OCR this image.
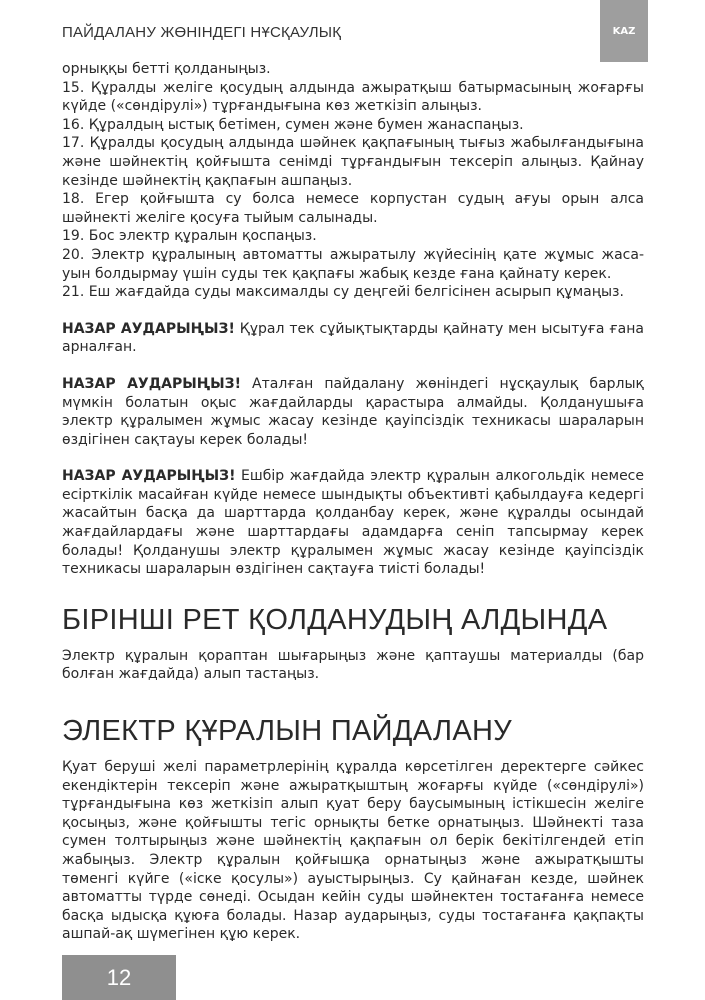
ПАЙДАЛАНУ ЖӨНІНДЕГІ НҰСҚАУЛЫҚ	KAZ

орныққы бетті қолданыңыз.

15. Құралды желіге қосудың алдында ажыратқыш батырмасының жоғарғы күйде («сөндірулі») тұрғандығына көз жеткізіп алыңыз.

16. Құралдың ыстық бетімен, сумен және бумен жанаспаңыз.

17. Құралды қосудың алдында шәйнек қақпағының тығыз жабылғандығына және шәйнектің қойғышта сенімді тұрғандығын тексеріп алыңыз. Қайнау кезінде шәйнектің қақпағын ашпаңыз.

18. Егер қойғышта су болса немесе корпустан судың ағуы орын алса шәйнекті желіге қосуға тыйым салынады.

19. Бос электр құралын қоспаңыз.

20. Электр құралының автоматты ажыратылу жүйесінің қате жұмыс жасауын болдырмау үшін суды тек қақпағы жабық кезде ғана қайнату керек.

21. Еш жағдайда суды максималды су деңгейі белгісінен асырып құмаңыз.

НАЗАР АУДАРЫҢЫЗ! Құрал тек сұйықтықтарды қайнату мен ысытуға ғана арналған.

НАЗАР АУДАРЫҢЫЗ! Аталған пайдалану жөніндегі нұсқаулық барлық мүмкін болатын оқыс жағдайларды қарастыра алмайды. Қолданушыға электр құралымен жұмыс жасау кезінде қауіпсіздік техникасы шараларын өздігінен сақтауы керек болады!

НАЗАР АУДАРЫҢЫЗ! Ешбір жағдайда электр құралын алкогольдік немесе есірткілік масайған күйде немесе шындықты объективті қабылдауға кедергі жасайтын басқа да шарттарда қолданбау керек, және құралды осындай жағдайлардағы және шарттардағы адамдарға сеніп тапсырмау керек болады! Қолданушы электр құралымен жұмыс жасау кезінде қауіпсіздік техникасы шараларын өздігінен сақтауға тиісті болады!

БІРІНШІ РЕТ ҚОЛДАНУДЫҢ АЛДЫНДА

Электр құралын қораптан шығарыңыз және қаптаушы материалды (бар болған жағдайда) алып тастаңыз.

ЭЛЕКТР ҚҰРАЛЫН ПАЙДАЛАНУ

Қуат беруші желі параметрлерінің құралда көрсетілген деректерге сәйкес екендіктерін тексеріп және ажыратқыштың жоғарғы күйде («сөндірулі») тұрғандығына көз жеткізіп алып қуат беру баусымының істікшесін желіге қосыңыз, және қойғышты тегіс орнықты бетке орнатыңыз. Шәйнекті таза сумен толтырыңыз және шәйнектің қақпағын ол берік бекітілгендей етіп жабыңыз. Электр құралын қойғышқа орнатыңыз және ажыратқышты төменгі күйге («іске қосулы») ауыстырыңыз. Су қайнаған кезде, шәйнек автоматты түрде сөнеді. Осыдан кейін суды шәйнектен тостағанға немесе басқа ыдысқа құюға болады. Назар аударыңыз, суды тостағанға қақпақты ашпай-ақ шүмегінен құю керек.

12
